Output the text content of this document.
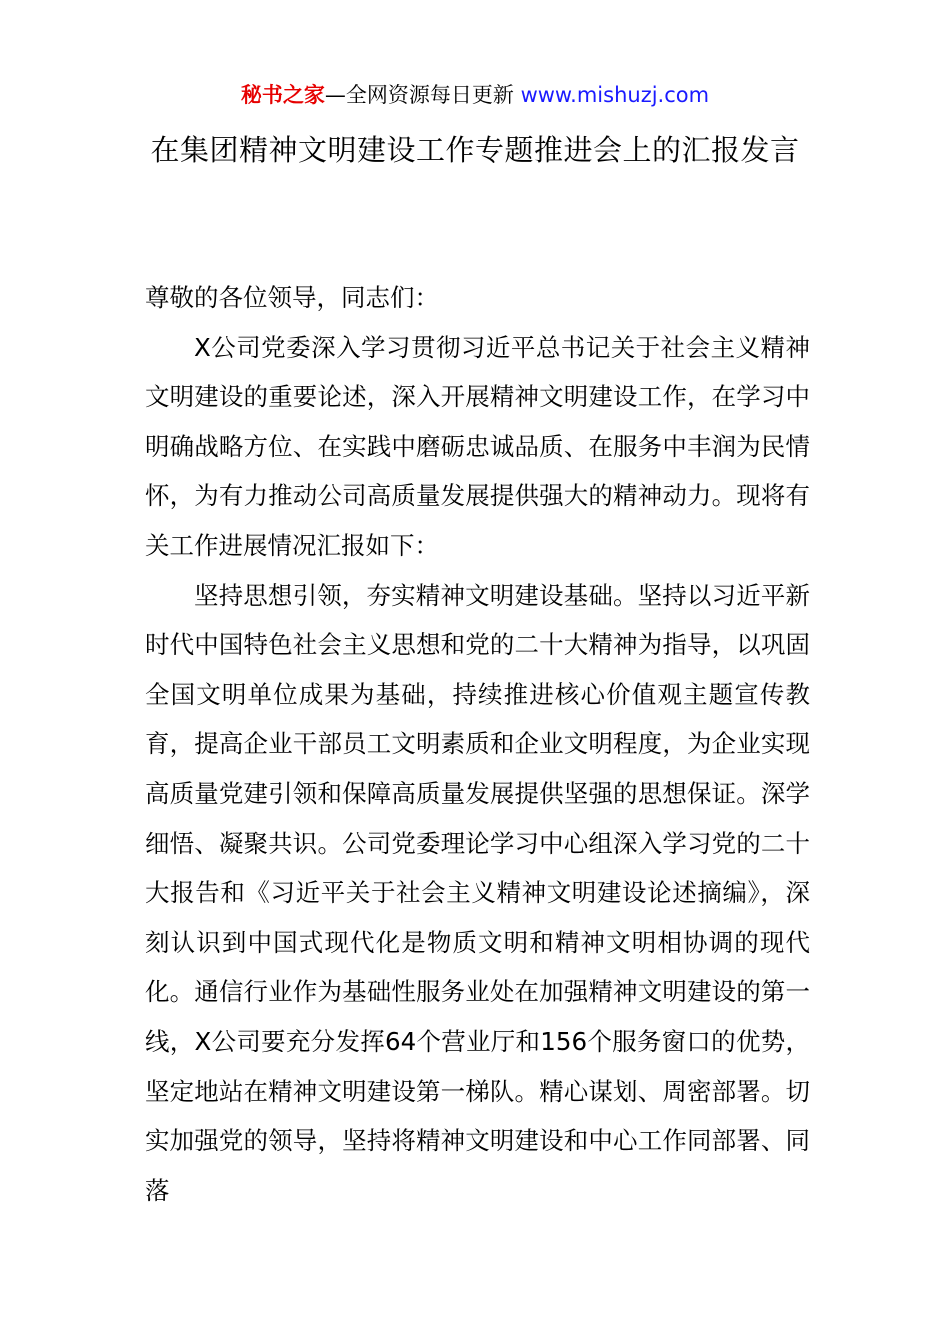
秘书之家—全网资源每日更新 www.mishuzj.com
在集团精神文明建设工作专题推进会上的汇报发言

尊敬的各位领导，同志们：

X公司党委深入学习贯彻习近平总书记关于社会主义精神文明建设的重要论述，深入开展精神文明建设工作，在学习中明确战略方位、在实践中磨砺忠诚品质、在服务中丰润为民情怀，为有力推动公司高质量发展提供强大的精神动力。现将有关工作进展情况汇报如下：

坚持思想引领，夯实精神文明建设基础。坚持以习近平新时代中国特色社会主义思想和党的二十大精神为指导，以巩固全国文明单位成果为基础，持续推进核心价值观主题宣传教育，提高企业干部员工文明素质和企业文明程度，为企业实现高质量党建引领和保障高质量发展提供坚强的思想保证。深学细悟、凝聚共识。公司党委理论学习中心组深入学习党的二十大报告和《习近平关于社会主义精神文明建设论述摘编》，深刻认识到中国式现代化是物质文明和精神文明相协调的现代化。通信行业作为基础性服务业处在加强精神文明建设的第一线，X公司要充分发挥64个营业厅和156个服务窗口的优势，坚定地站在精神文明建设第一梯队。精心谋划、周密部署。切实加强党的领导，坚持将精神文明建设和中心工作同部署、同落
